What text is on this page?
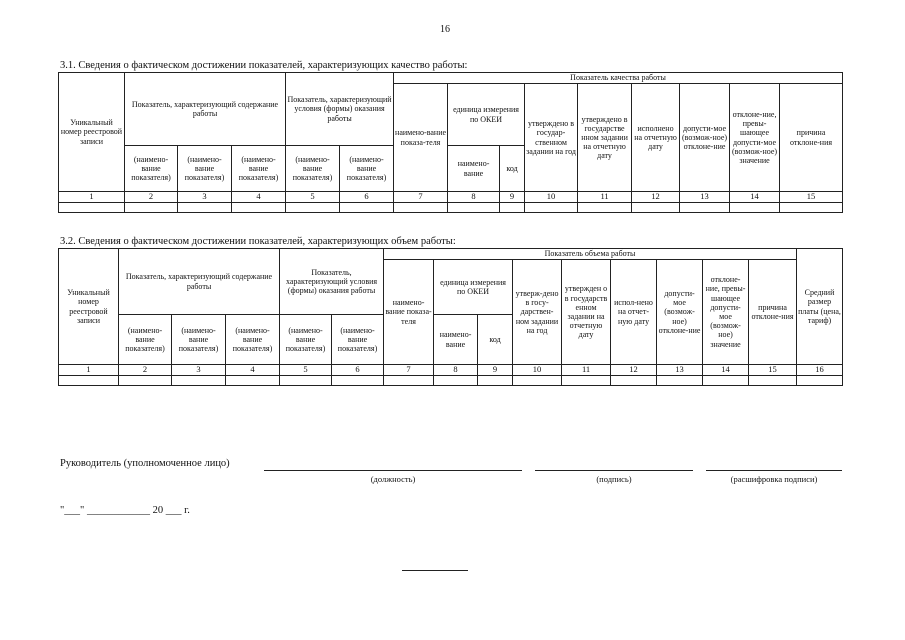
16
3.1. Сведения о фактическом достижении показателей, характеризующих качество работы:
Уникальный номер реестровой записи	Показатель, характеризующий содержание работы			Показатель, характеризующий условия (формы) оказания работы		Показатель качества работы								
						наимено-вание показа-теля	единица измерения по ОКЕИ		утверждено в государ-ственном задании на год	утверждено в государстве нном задании на отчетную дату	исполнено на отчетную дату	допусти-мое (возмож-ное) отклоне-ние	отклоне-ние, превы-шающее допусти-мое (возмож-ное) значение	причина отклоне-ния
	(наимено-вание показателя)	(наимено-вание показателя)	(наимено-вание показателя)	(наимено-вание показателя)	(наимено-вание показателя)		наимено-вание	код						
1	2	3	4	5	6	7	8	9	10	11	12	13	14	15

3.2. Сведения о фактическом достижении показателей, характеризующих объем работы:
Уникальный номер реестровой записи	Показатель, характеризующий содержание работы			Показатель, характеризующий условия (формы) оказания работы		Показатель объема работы									Средний размер платы (цена, тариф)
						наимено-вание показа-теля	единица измерения по ОКЕИ		утверж-дено в госу-дарствен-ном задании на год	утвержден о в государств енном задании на отчетную дату	испол-нено на отчет-ную дату	допусти-мое (возмож-ное) отклоне-ние	отклоне-ние, превы-шающее допусти-мое (возмож-ное) значение	причина отклоне-ния	
	(наимено-вание показателя)	(наимено-вание показателя)	(наимено-вание показателя)	(наимено-вание показателя)	(наимено-вание показателя)		наимено-вание	код							
1	2	3	4	5	6	7	8	9	10	11	12	13	14	15	16

Руководитель (уполномоченное лицо)
(должность)	(подпись)	(расшифровка подписи)
"___" ____________ 20 ___ г.
